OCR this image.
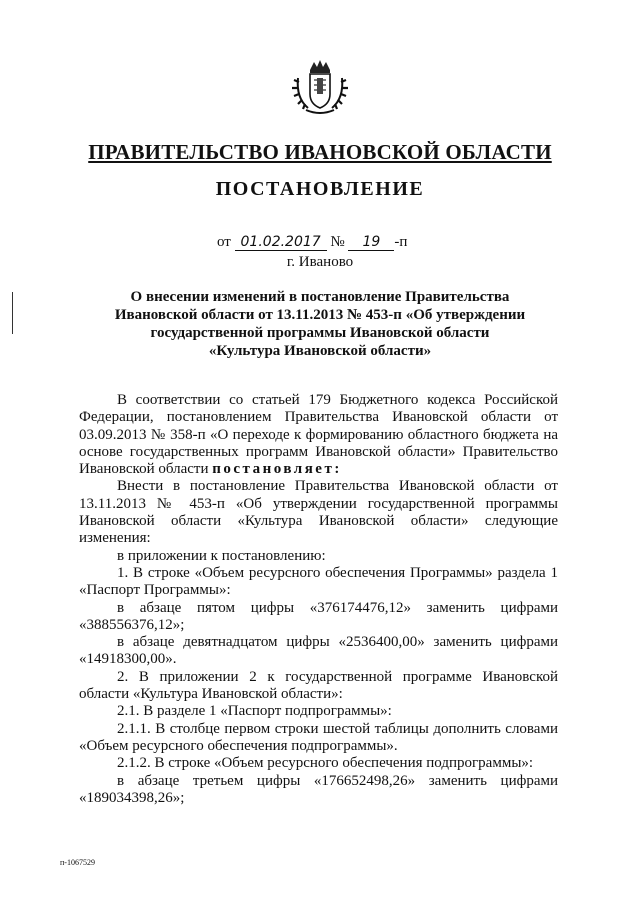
ПРАВИТЕЛЬСТВО ИВАНОВСКОЙ ОБЛАСТИ
ПОСТАНОВЛЕНИЕ
от 01.02.2017 № 19 -п
г. Иваново
О внесении изменений в постановление Правительства
Ивановской области от 13.11.2013 № 453-п «Об утверждении
государственной программы Ивановской области
«Культура Ивановской области»

В соответствии со статьей 179 Бюджетного кодекса Российской Федерации, постановлением Правительства Ивановской области от 03.09.2013 № 358-п «О переходе к формированию областного бюджета на основе государственных программ Ивановской области» Правительство Ивановской области постановляет:

Внести в постановление Правительства Ивановской области от 13.11.2013 № 453-п «Об утверждении государственной программы Ивановской области «Культура Ивановской области» следующие изменения:

в приложении к постановлению:

1. В строке «Объем ресурсного обеспечения Программы» раздела 1 «Паспорт Программы»:

в абзаце пятом цифры «376174476,12» заменить цифрами «388556376,12»;

в абзаце девятнадцатом цифры «2536400,00» заменить цифрами «14918300,00».

2. В приложении 2 к государственной программе Ивановской области «Культура Ивановской области»:

2.1. В разделе 1 «Паспорт подпрограммы»:

2.1.1. В столбце первом строки шестой таблицы дополнить словами «Объем ресурсного обеспечения подпрограммы».

2.1.2. В строке «Объем ресурсного обеспечения подпрограммы»:

в абзаце третьем цифры «176652498,26» заменить цифрами «189034398,26»;

п-1067529
